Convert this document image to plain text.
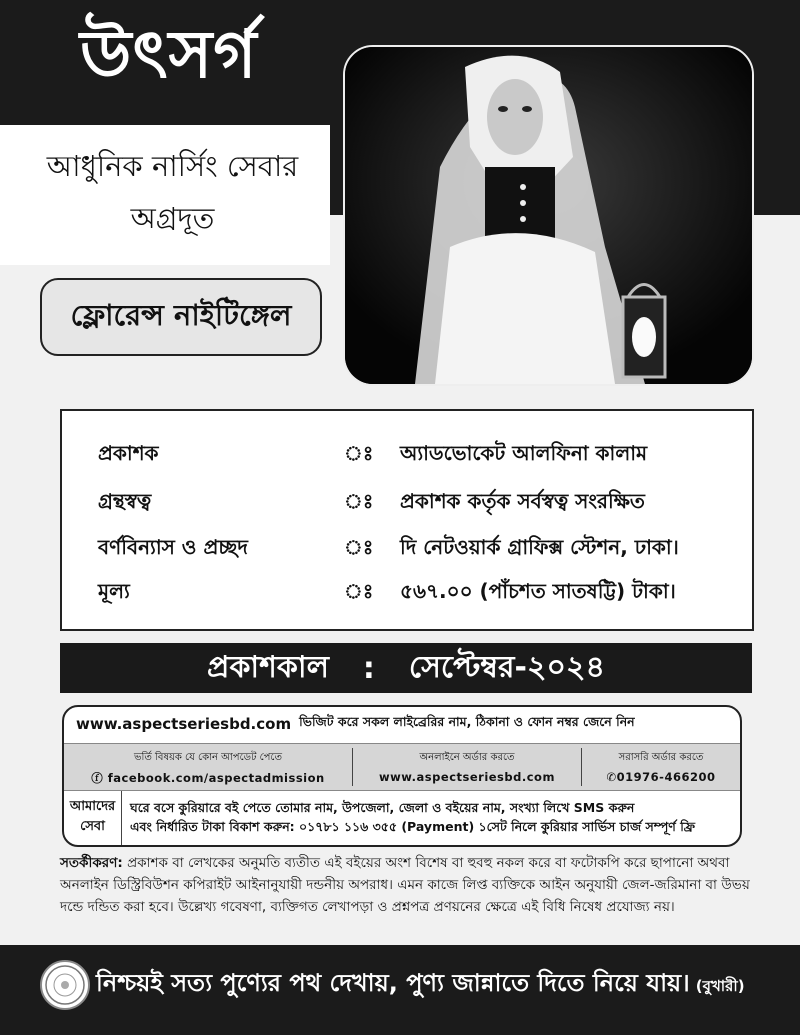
উৎসর্গ
আধুনিক নার্সিং সেবার
অগ্রদূত
ফ্লোরেন্স নাইটিঙ্গেল
প্রকাশক	ঃ অ্যাডভোকেট আলফিনা কালাম
গ্রন্থস্বত্ব	ঃ প্রকাশক কর্তৃক সর্বস্বত্ব সংরক্ষিত
বর্ণবিন্যাস ও প্রচ্ছদ	ঃ দি নেটওয়ার্ক গ্রাফিক্স স্টেশন, ঢাকা।
মূল্য	ঃ ৫৬৭.০০ (পাঁচশত সাতষট্টি) টাকা।
প্রকাশকাল : সেপ্টেম্বর-২০২৪
www.aspectseriesbd.com ভিজিট করে সকল লাইব্রেরির নাম, ঠিকানা ও ফোন নম্বর জেনে নিন
ভর্তি বিষয়ক যে কোন আপডেট পেতে
ⓕ facebook.com/aspectadmission
অনলাইনে অর্ডার করতে
www.aspectseriesbd.com
সরাসরি অর্ডার করতে
✆01976-466200
আমাদের
সেবা
ঘরে বসে কুরিয়ারে বই পেতে তোমার নাম, উপজেলা, জেলা ও বইয়ের নাম, সংখ্যা লিখে SMS করুন
এবং নির্ধারিত টাকা বিকাশ করুন: ০১৭৮১ ১১৬ ৩৫৫ (Payment) ১সেট নিলে কুরিয়ার সার্ভিস চার্জ সম্পূর্ণ ফ্রি
সতর্কীকরণ: প্রকাশক বা লেখকের অনুমতি ব্যতীত এই বইয়ের অংশ বিশেষ বা হুবহু নকল করে বা ফটোকপি করে ছাপানো অথবা অনলাইন ডিস্ট্রিবিউশন কপিরাইট আইনানুযায়ী দন্ডনীয় অপরাধ। এমন কাজে লিপ্ত ব্যক্তিকে আইন অনুযায়ী জেল-জরিমানা বা উভয় দন্ডে দন্ডিত করা হবে। উল্লেখ্য গবেষণা, ব্যক্তিগত লেখাপড়া ও প্রশ্নপত্র প্রণয়নের ক্ষেত্রে এই বিধি নিষেধ প্রযোজ্য নয়।
নিশ্চয়ই সত্য পুণ্যের পথ দেখায়, পুণ্য জান্নাতে দিতে নিয়ে যায়। (বুখারী)
